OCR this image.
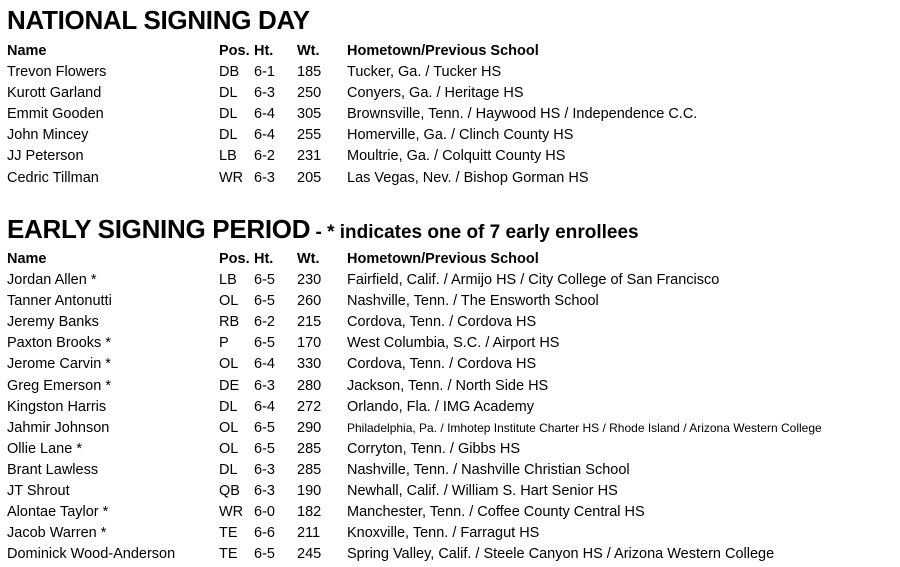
NATIONAL SIGNING DAY
Name	Pos. Ht. Wt. Hometown/Previous School
Trevon Flowers	DB 6-1 185 Tucker, Ga. / Tucker HS
Kurott Garland	DL 6-3 250 Conyers, Ga. / Heritage HS
Emmit Gooden	DL 6-4 305 Brownsville, Tenn. / Haywood HS / Independence C.C.
John Mincey	DL 6-4 255 Homerville, Ga. / Clinch County HS
JJ Peterson	LB 6-2 231 Moultrie, Ga. / Colquitt County HS
Cedric Tillman	WR 6-3 205 Las Vegas, Nev. / Bishop Gorman HS
EARLY SIGNING PERIOD - * indicates one of 7 early enrollees
Name	Pos. Ht. Wt. Hometown/Previous School
Jordan Allen *	LB 6-5 230 Fairfield, Calif. / Armijo HS / City College of San Francisco
Tanner Antonutti	OL 6-5 260 Nashville, Tenn. / The Ensworth School
Jeremy Banks	RB 6-2 215 Cordova, Tenn. / Cordova HS
Paxton Brooks *	P 6-5 170 West Columbia, S.C. / Airport HS
Jerome Carvin *	OL 6-4 330 Cordova, Tenn. / Cordova HS
Greg Emerson *	DE 6-3 280 Jackson, Tenn. / North Side HS
Kingston Harris	DL 6-4 272 Orlando, Fla. / IMG Academy
Jahmir Johnson	OL 6-5 290 Philadelphia, Pa. / Imhotep Institute Charter HS / Rhode Island / Arizona Western College
Ollie Lane *	OL 6-5 285 Corryton, Tenn. / Gibbs HS
Brant Lawless	DL 6-3 285 Nashville, Tenn. / Nashville Christian School
JT Shrout	QB 6-3 190 Newhall, Calif. / William S. Hart Senior HS
Alontae Taylor *	WR 6-0 182 Manchester, Tenn. / Coffee County Central HS
Jacob Warren *	TE 6-6 211 Knoxville, Tenn. / Farragut HS
Dominick Wood-Anderson	TE 6-5 245 Spring Valley, Calif. / Steele Canyon HS / Arizona Western College
